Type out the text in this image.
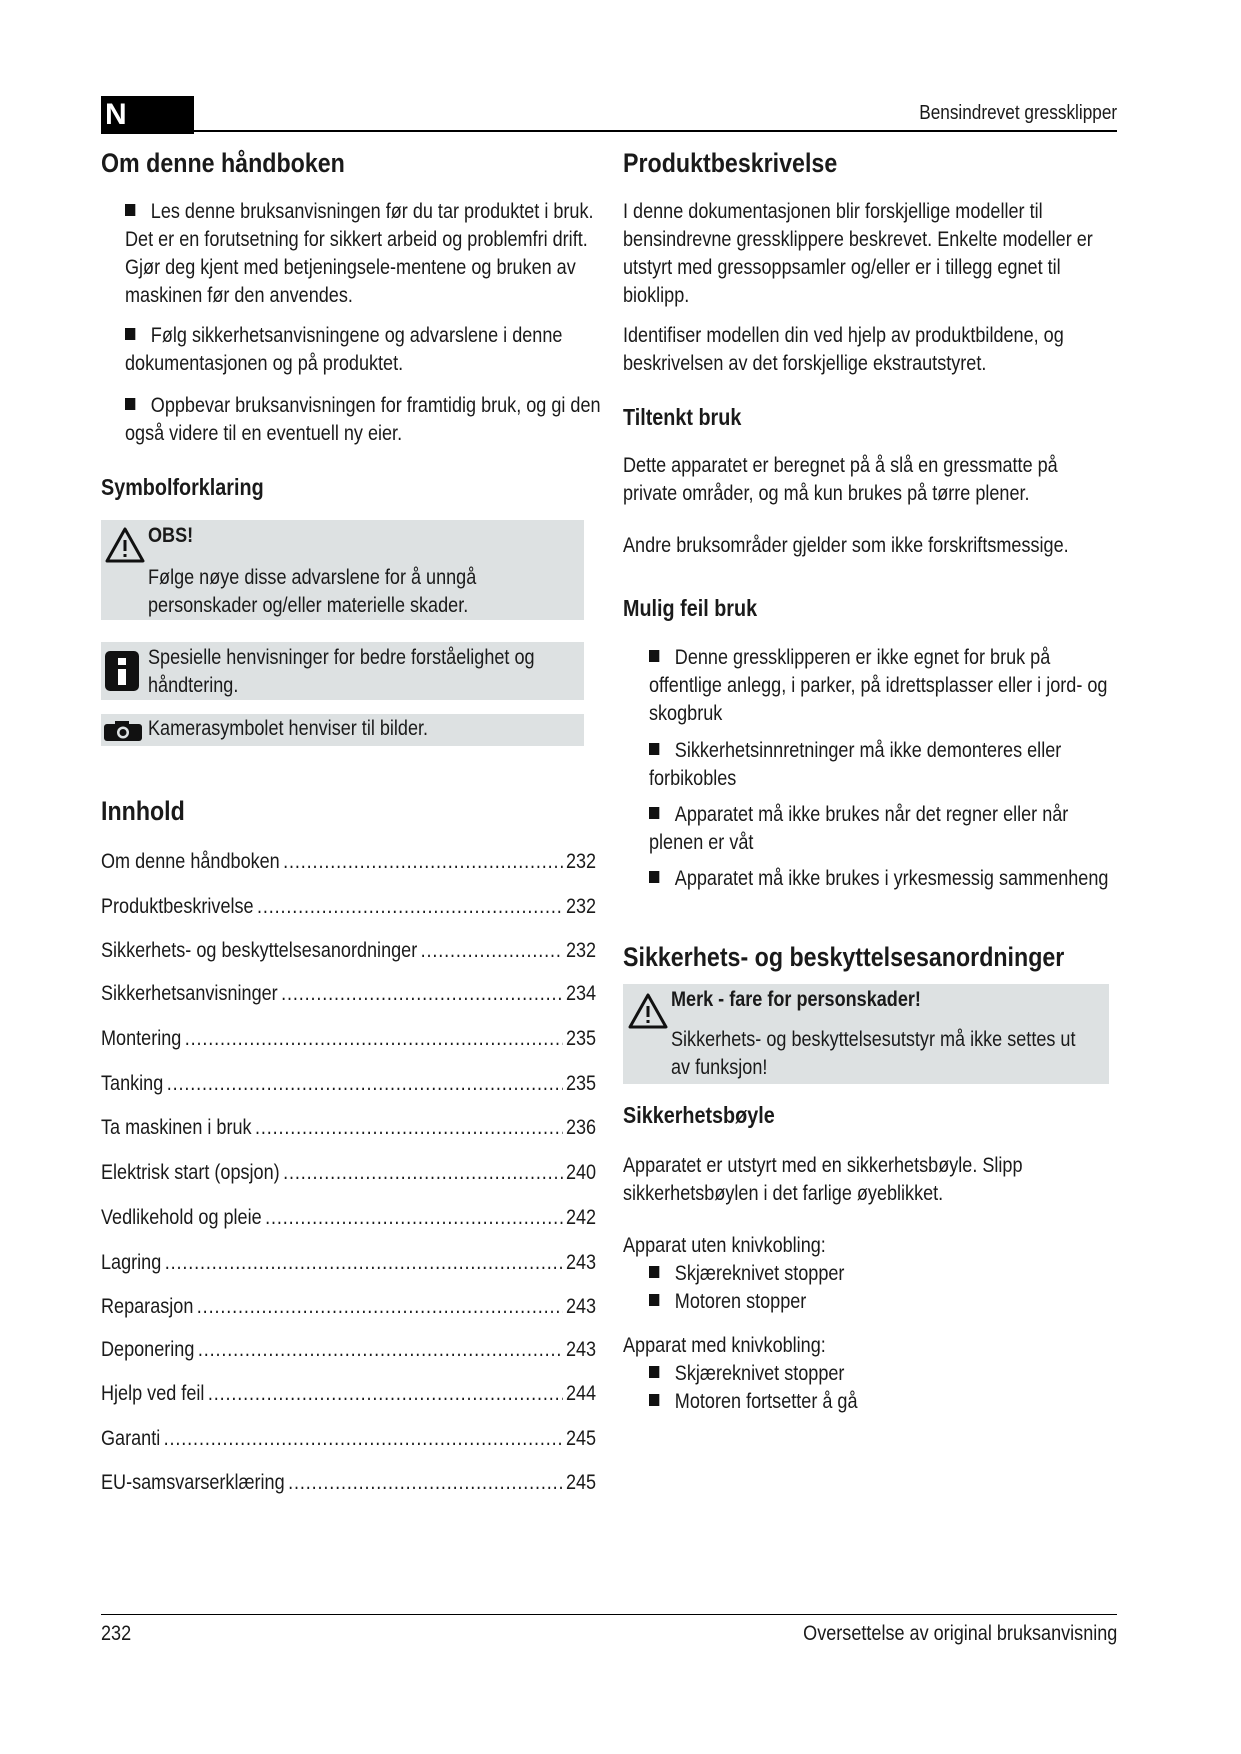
N	Bensindrevet gressklipper
Om denne håndboken
Les denne bruksanvisningen før du tar produktet i bruk. Det er en forutsetning for sikkert arbeid og problemfri drift. Gjør deg kjent med betjeningsele-mentene og bruken av maskinen før den anvendes.
Følg sikkerhetsanvisningene og advarslene i denne dokumentasjonen og på produktet.
Oppbevar bruksanvisningen for framtidig bruk, og gi den også videre til en eventuell ny eier.
Symbolforklaring
OBS!
Følge nøye disse advarslene for å unngå personskader og/eller materielle skader.
Spesielle henvisninger for bedre forståelighet og håndtering.
Kamerasymbolet henviser til bilder.
Innhold
Om denne håndboken .....	232
Produktbeskrivelse .....	232
Sikkerhets- og beskyttelsesanordninger .....	232
Sikkerhetsanvisninger .....	234
Montering .....	235
Tanking .....	235
Ta maskinen i bruk .....	236
Elektrisk start (opsjon) .....	240
Vedlikehold og pleie .....	242
Lagring .....	243
Reparasjon .....	243
Deponering .....	243
Hjelp ved feil .....	244
Garanti .....	245
EU-samsvarserklæring .....	245
Produktbeskrivelse
I denne dokumentasjonen blir forskjellige modeller til bensindrevne gressklippere beskrevet. Enkelte modeller er utstyrt med gressoppsamler og/eller er i tillegg egnet til bioklipp.
Identifiser modellen din ved hjelp av produktbildene, og beskrivelsen av det forskjellige ekstrautstyret.
Tiltenkt bruk
Dette apparatet er beregnet på å slå en gressmatte på private områder, og må kun brukes på tørre plener.
Andre bruksområder gjelder som ikke forskriftsmessige.
Mulig feil bruk
Denne gressklipperen er ikke egnet for bruk på offentlige anlegg, i parker, på idrettsplasser eller i jord- og skogbruk
Sikkerhetsinnretninger må ikke demonteres eller forbikobles
Apparatet må ikke brukes når det regner eller når plenen er våt
Apparatet må ikke brukes i yrkesmessig sammenheng
Sikkerhets- og beskyttelsesanordninger
Merk - fare for personskader!
Sikkerhets- og beskyttelsesutstyr må ikke settes ut av funksjon!
Sikkerhetsbøyle
Apparatet er utstyrt med en sikkerhetsbøyle. Slipp sikkerhetsbøylen i det farlige øyeblikket.
Apparat uten knivkobling:
Skjæreknivet stopper
Motoren stopper
Apparat med knivkobling:
Skjæreknivet stopper
Motoren fortsetter å gå
232	Oversettelse av original bruksanvisning
